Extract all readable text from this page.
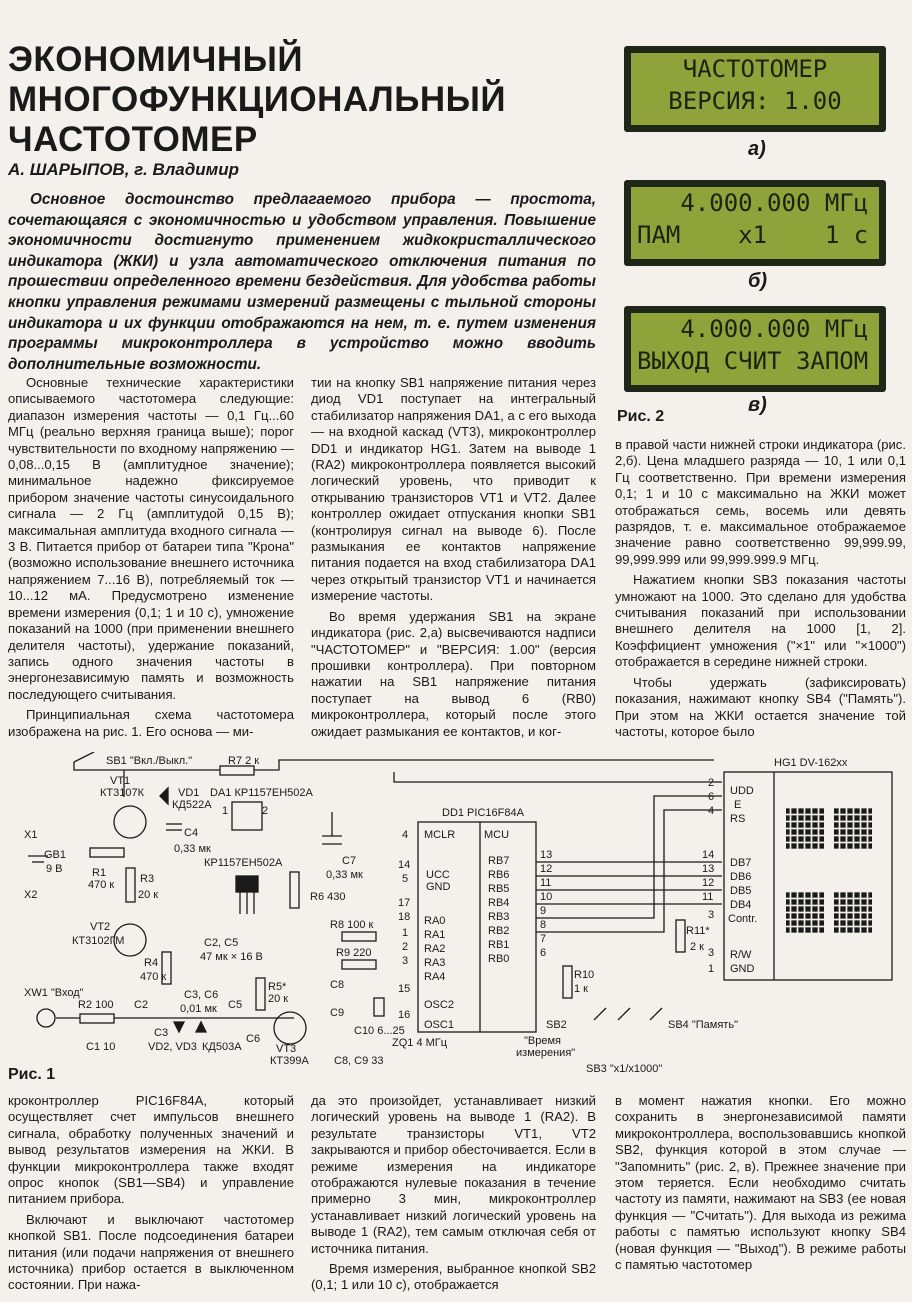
ЭКОНОМИЧНЫЙ
МНОГОФУНКЦИОНАЛЬНЫЙ
ЧАСТОТОМЕР
А. ШАРЫПОВ, г. Владимир
Основное достоинство предлагаемого прибора — простота, сочетающаяся с экономичностью и удобством управления. Повышение экономичности достигнуто применением жидкокристаллического индикатора (ЖКИ) и узла автоматического отключения питания по прошествии определенного времени бездействия. Для удобства работы кнопки управления режимами измерений размещены с тыльной стороны индикатора и их функции отображаются на нем, т. е. путем изменения программы микроконтроллера в устройство можно вводить дополнительные возможности.
ЧАСТОТОМЕР
ВЕРСИЯ: 1.00
а)
4.000.000 МГц
ПАМ    x1    1 с
б)
4.000.000 МГц
ВЫХОД СЧИТ ЗАПОМ
в)
Рис. 2

Основные технические характеристики описываемого частотомера следующие: диапазон измерения частоты — 0,1 Гц...60 МГц (реально верхняя граница выше); порог чувствительности по входному напряжению — 0,08...0,15 В (амплитудное значение); минимальное надежно фиксируемое прибором значение частоты синусоидального сигнала — 2 Гц (амплитудой 0,15 В); максимальная амплитуда входного сигнала — 3 В. Питается прибор от батареи типа "Крона" (возможно использование внешнего источника напряжением 7...16 В), потребляемый ток — 10...12 мА. Предусмотрено изменение времени измерения (0,1; 1 и 10 с), умножение показаний на 1000 (при применении внешнего делителя частоты), удержание показаний, запись одного значения частоты в энергонезависимую память и возможность последующего считывания.

Принципиальная схема частотомера изображена на рис. 1. Его основа — ми-

тии на кнопку SB1 напряжение питания через диод VD1 поступает на интегральный стабилизатор напряжения DA1, а с его выхода — на входной каскад (VT3), микроконтроллер DD1 и индикатор HG1. Затем на выводе 1 (RA2) микроконтроллера появляется высокий логический уровень, что приводит к открыванию транзисторов VT1 и VT2. Далее контроллер ожидает отпускания кнопки SB1 (контролируя сигнал на выводе 6). После размыкания ее контактов напряжение питания подается на вход стабилизатора DA1 через открытый транзистор VT1 и начинается измерение частоты.

Во время удержания SB1 на экране индикатора (рис. 2,а) высвечиваются надписи "ЧАСТОТОМЕР" и "ВЕРСИЯ: 1.00" (версия прошивки контроллера). При повторном нажатии на SB1 напряжение питания поступает на вывод 6 (RB0) микроконтроллера, который после этого ожидает размыкания ее контактов, и ког-

в правой части нижней строки индикатора (рис. 2,б). Цена младшего разряда — 10, 1 или 0,1 Гц соответственно. При времени измерения 0,1; 1 и 10 с максимально на ЖКИ может отображаться семь, восемь или девять разрядов, т. е. максимальное отображаемое значение равно соответственно 99,999.99, 99,999.999 или 99,999.999.9 МГц.

Нажатием кнопки SB3 показания частоты умножают на 1000. Это сделано для удобства считывания показаний при использовании внешнего делителя на 1000 [1, 2]. Коэффициент умножения ("×1" или "×1000") отображается в середине нижней строки.

Чтобы удержать (зафиксировать) показания, нажимают кнопку SB4 ("Память"). При этом на ЖКИ остается значение той частоты, которое было

SB1 "Вкл./Выкл."	R7 2 к
VT1
КТ3107К	VD1
КД522А
DA1 КР1157ЕН502А
1	2
КР1157ЕН502А
C4
0,33 мк
C7
0,33 мк
R6 430
X1
GB1
9 В
X2
R1
470 к R3
20 к
VT2
КТ3102ГМ
R4
470 к
C2, C5
47 мк × 16 В
C3, C6
0,01 мк
R5*
20 к
R8 100 к
R9 220
C8
C9
C10 6...25
ZQ1 4 МГц
C8, C9 33
VT3
КТ399А
XW1 "Вход"
R2 100
C1 10
C2
C3
C5
C6
VD2, VD3 КД503А
DD1 PIC16F84A
MCLR	MCU
UCC
GND
RA0
RA1
RA2
RA3
RA4
OSC2
OSC1
RB7
RB6
RB5
RB4
RB3
RB2
RB1
RB0
4
14
5
17
18
1
2
3
15
16
13
12
11
10
9
8
7
6
R10
1 к
SB2
"Время
измерения"
SB3 "x1/x1000"
SB4 "Память"
R11*
2 к
HG1 DV-162xx
UDD
E
RS
DB7
DB6
DB5
DB4
Contr.
R/W
GND
2
6
4
14
13
12
11
3
3
1
Рис. 1

кроконтроллер PIC16F84A, который осуществляет счет импульсов внешнего сигнала, обработку полученных значений и вывод результатов измерения на ЖКИ. В функции микроконтроллера также входят опрос кнопок (SB1—SB4) и управление питанием прибора.

Включают и выключают частотомер кнопкой SB1. После подсоединения батареи питания (или подачи напряжения от внешнего источника) прибор остается в выключенном состоянии. При нажа-

да это произойдет, устанавливает низкий логический уровень на выводе 1 (RA2). В результате транзисторы VT1, VT2 закрываются и прибор обесточивается. Если в режиме измерения на индикаторе отображаются нулевые показания в течение примерно 3 мин, микроконтроллер устанавливает низкий логический уровень на выводе 1 (RA2), тем самым отключая себя от источника питания.

Время измерения, выбранное кнопкой SB2 (0,1; 1 или 10 с), отображается

в момент нажатия кнопки. Его можно сохранить в энергонезависимой памяти микроконтроллера, воспользовавшись кнопкой SB2, функция которой в этом случае — "Запомнить" (рис. 2, в). Прежнее значение при этом теряется. Если необходимо считать частоту из памяти, нажимают на SB3 (ее новая функция — "Считать"). Для выхода из режима работы с памятью используют кнопку SB4 (новая функция — "Выход"). В режиме работы с памятью частотомер
